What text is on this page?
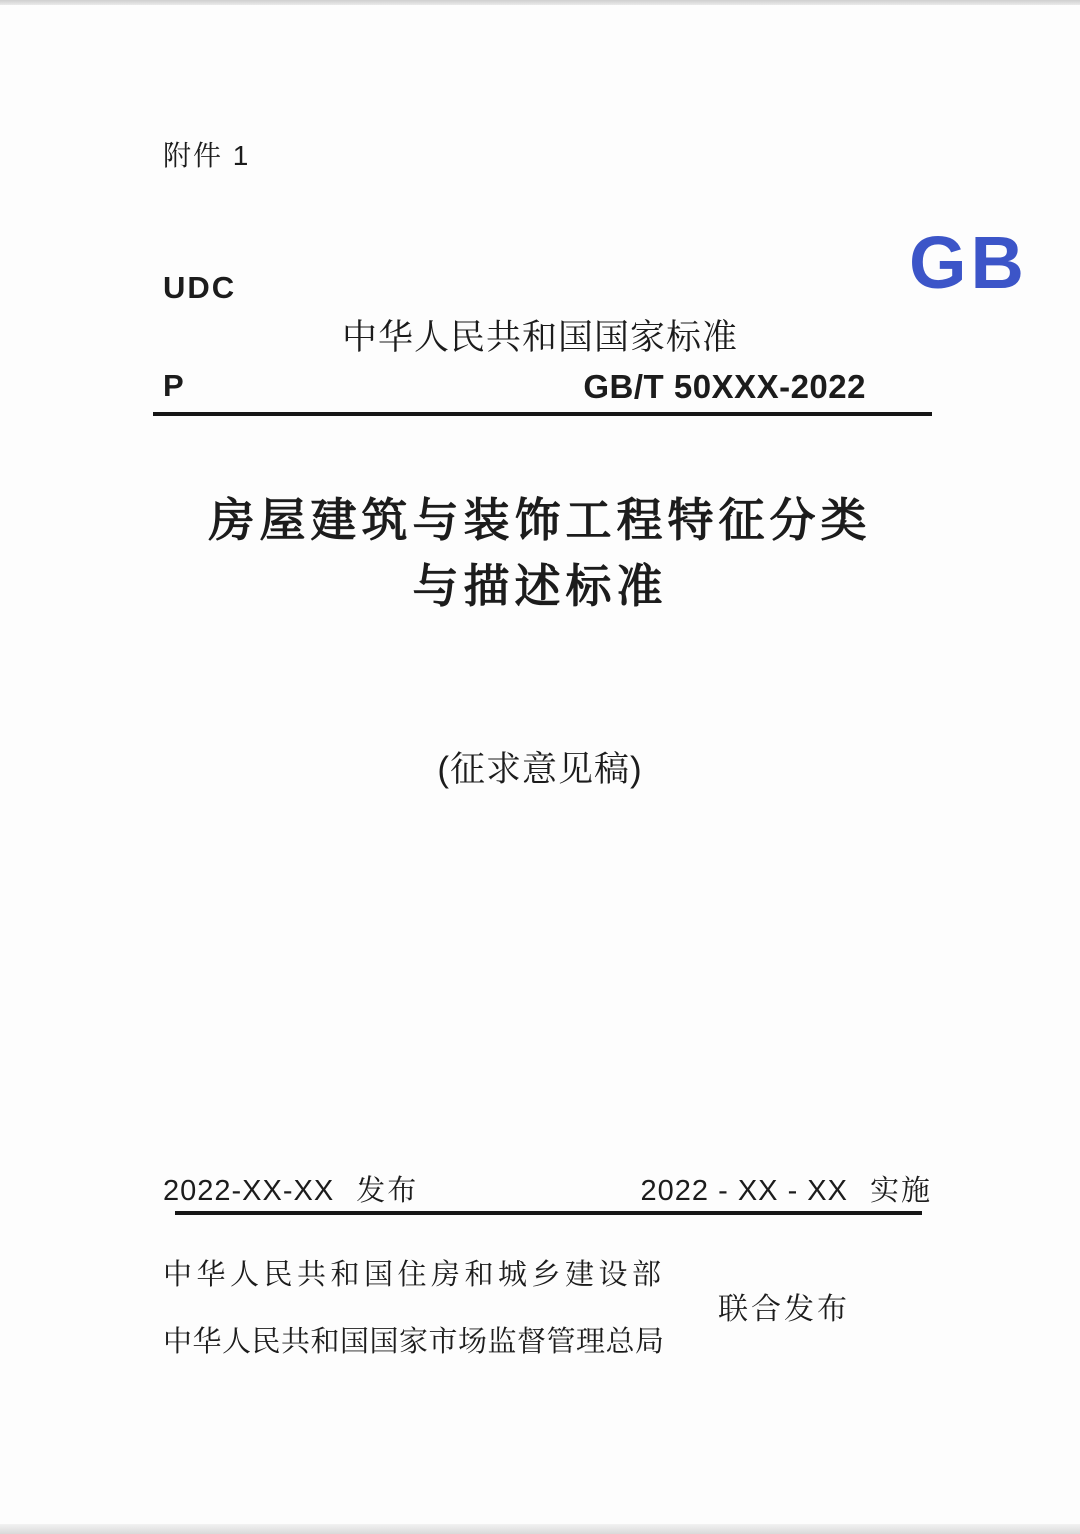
附件 1
UDC	GB
中华人民共和国国家标准
P	GB/T 50XXX-2022
房屋建筑与装饰工程特征分类
与描述标准
(征求意见稿)
2022-XX-XX 发布	2022 - XX - XX 实施
中华人民共和国住房和城乡建设部
中华人民共和国国家市场监督管理总局
联合发布
